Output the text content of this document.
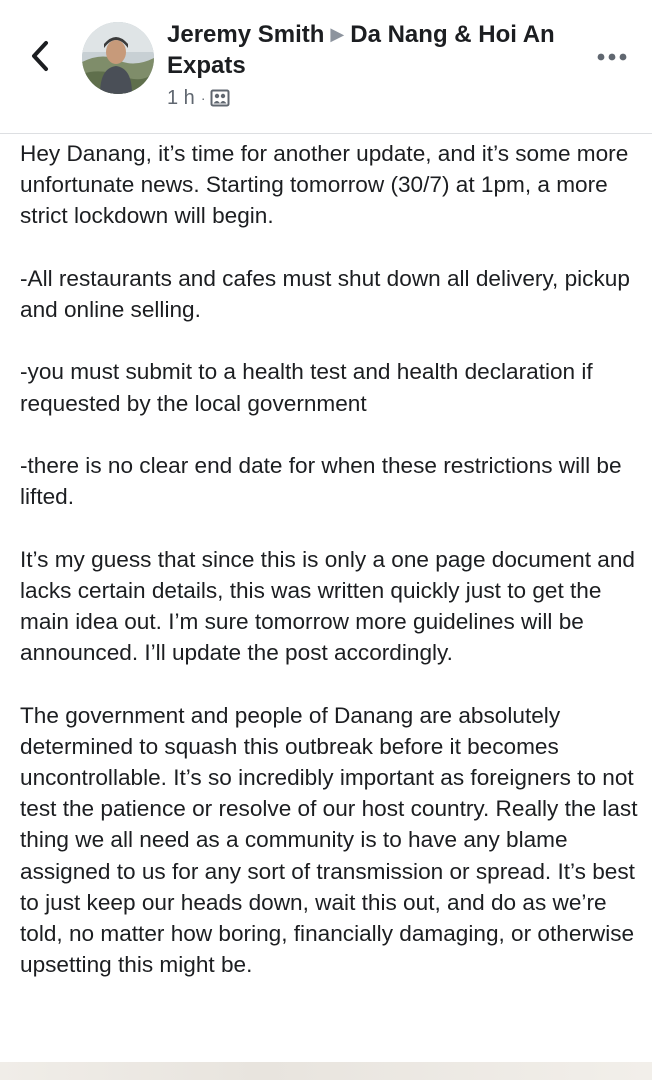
Jeremy Smith ▶ Da Nang & Hoi An Expats
1 h ·

Hey Danang, it’s time for another update, and it’s some more unfortunate news. Starting tomorrow (30/7) at 1pm, a more strict lockdown will begin.

-All restaurants and cafes must shut down all delivery, pickup and online selling.

-you must submit to a health test and health declaration if requested by the local government

-there is no clear end date for when these restrictions will be lifted.

It’s my guess that since this is only a one page document and lacks certain details, this was written quickly just to get the main idea out. I’m sure tomorrow more guidelines will be announced. I’ll update the post accordingly.

The government and people of Danang are absolutely determined to squash this outbreak before it becomes uncontrollable. It’s so incredibly important as foreigners to not test the patience or resolve of our host country. Really the last thing we all need as a community is to have any blame assigned to us for any sort of transmission or spread. It’s best to just keep our heads down, wait this out, and do as we’re told, no matter how boring, financially damaging, or otherwise upsetting this might be.
